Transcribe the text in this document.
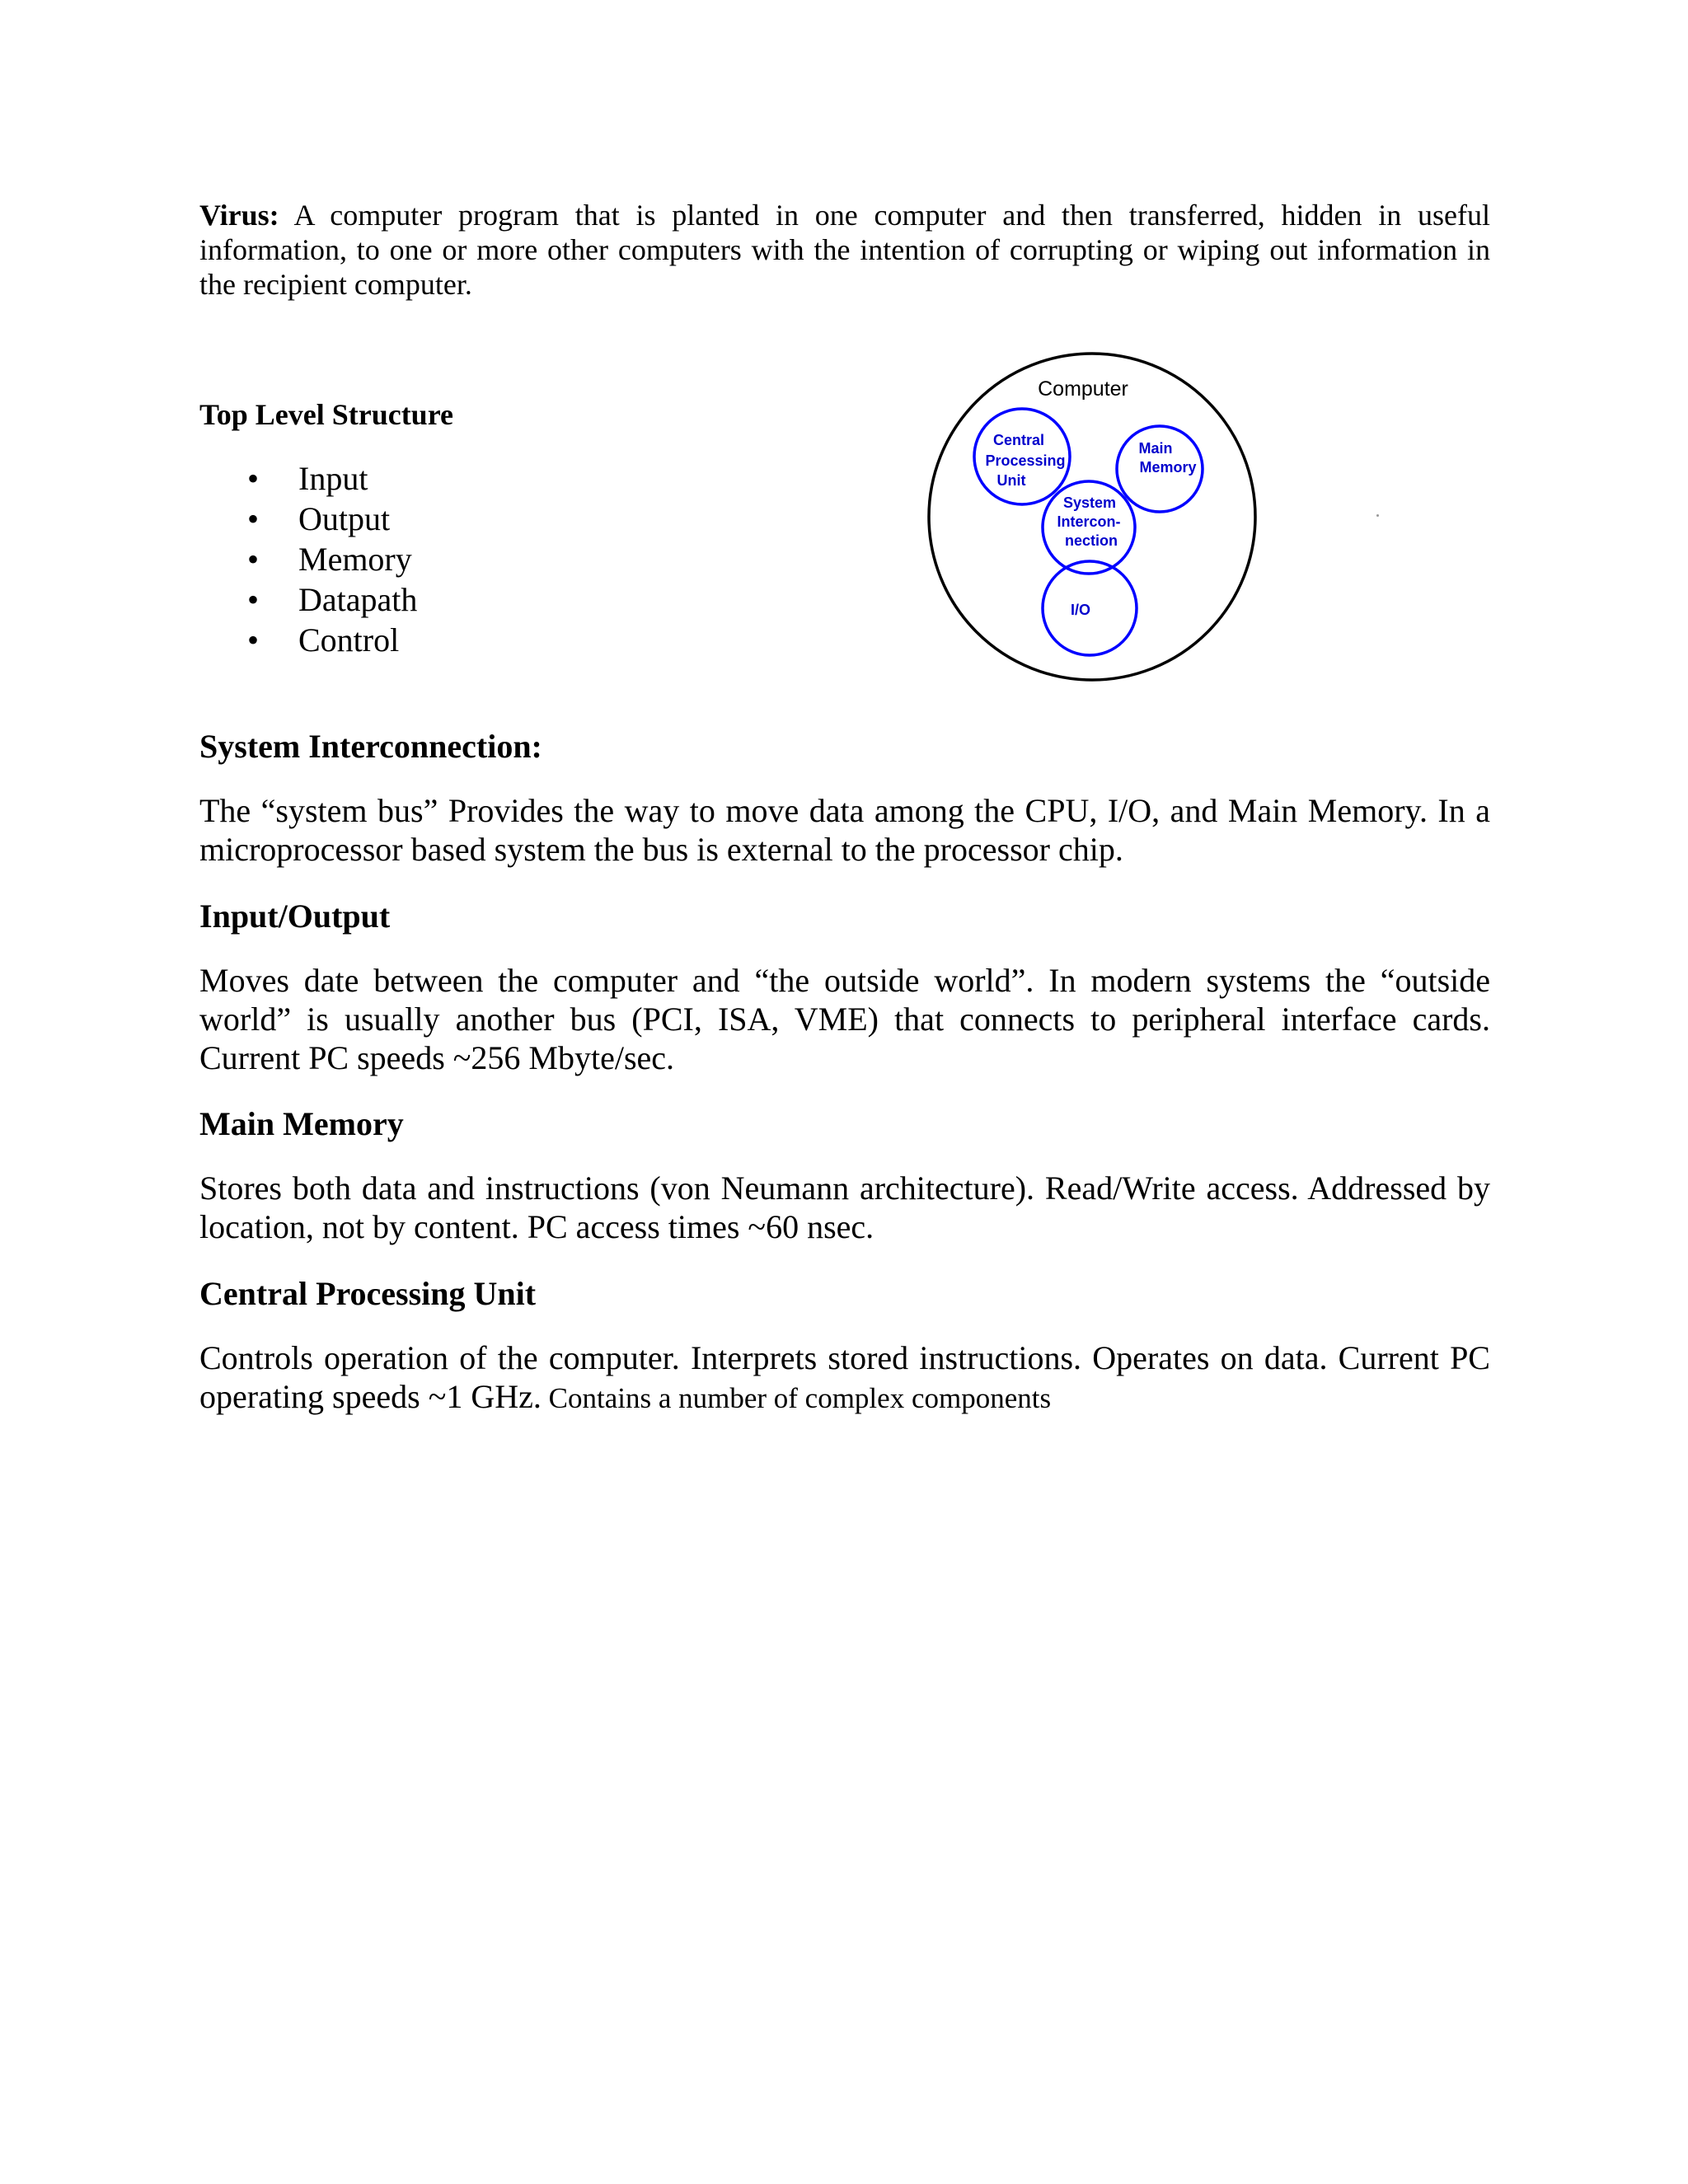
Virus: A computer program that is planted in one computer and then transferred, hidden in useful information, to one or more other computers with the intention of corrupting or wiping out information in the recipient computer.

Top Level Structure
• Input
• Output
• Memory
• Datapath
• Control
Computer
Central
Processing
Unit
Main
Memory
System
Intercon-
nection
I/O
System Interconnection:

The “system bus” Provides the way to move data among the CPU, I/O, and Main Memory. In a microprocessor based system the bus is external to the processor chip.

Input/Output

Moves date between the computer and “the outside world”. In modern systems the “outside world” is usually another bus (PCI, ISA, VME) that connects to peripheral interface cards. Current PC speeds ~256 Mbyte/sec.

Main Memory

Stores both data and instructions (von Neumann architecture). Read/Write access. Addressed by location, not by content. PC access times ~60 nsec.

Central Processing Unit

Controls operation of the computer. Interprets stored instructions. Operates on data. Current PC operating speeds ~1 GHz. Contains a number of complex components
